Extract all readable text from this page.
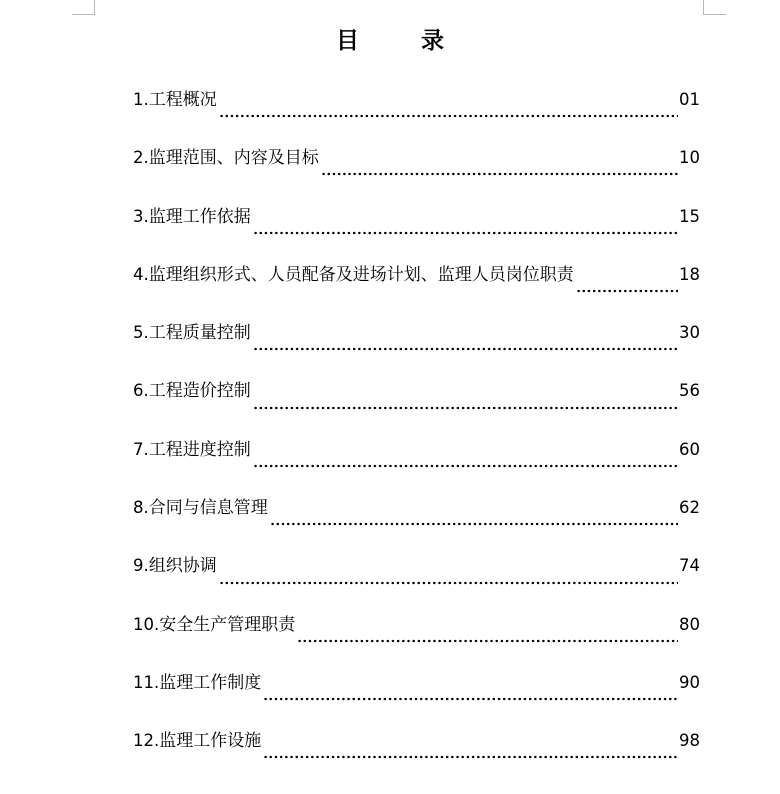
目录
1. 工程概况	01
2. 监理范围、内容及目标	10
3. 监理工作依据	15
4. 监理组织形式、人员配备及进场计划、监理人员岗位职责	18
5. 工程质量控制	30
6. 工程造价控制	56
7. 工程进度控制	60
8. 合同与信息管理	62
9. 组织协调	74
10. 安全生产管理职责	80
11. 监理工作制度	90
12. 监理工作设施	98
